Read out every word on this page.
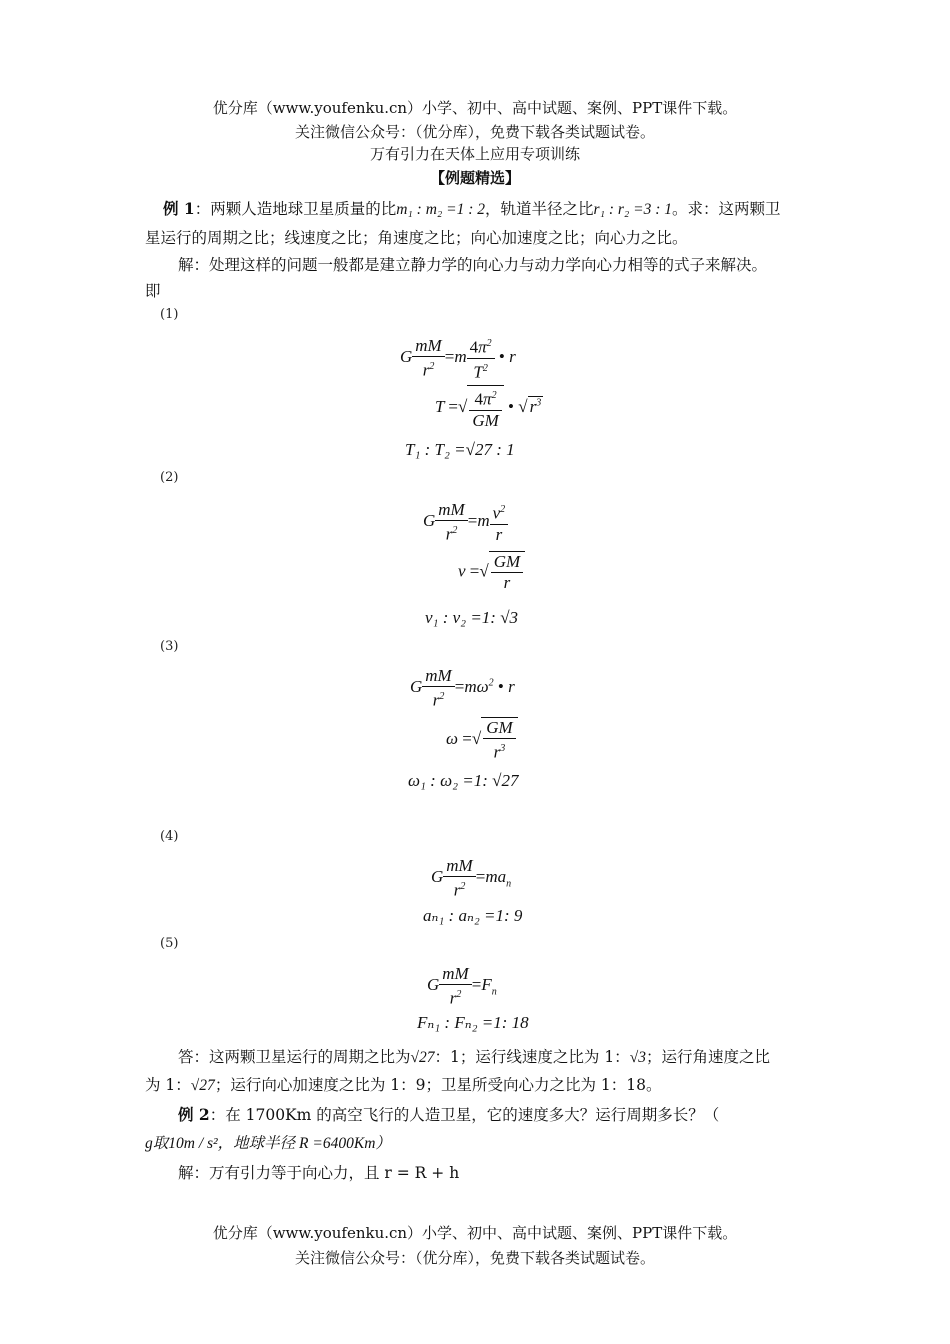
优分库（www.youfenku.cn）小学、初中、高中试题、案例、PPT课件下载。
关注微信公众号：（优分库），免费下载各类试题试卷。
万有引力在天体上应用专项训练
【例题精选】
例 1：两颗人造地球卫星质量的比m₁ : m₂ =1 : 2，轨道半径之比r₁ : r₂ =3 : 1。求：这两颗卫
星运行的周期之比；线速度之比；角速度之比；向心加速度之比；向心力之比。
解：处理这样的问题一般都是建立静力学的向心力与动力学向心力相等的式子来解决。
即
(1)
G $\frac{mM}{r^2} =m \frac{4\pi^2}{T^2}$ • r
T =√ $\frac{4\pi^2}{GM}$ • √ $r^3$
T₁ : T₂ =√27 : 1
(2)
G $\frac{mM}{r^2} =m \frac{v^2}{r}$
v =√ $\frac{GM}{r}$
v₁ : v₂ =1: √3
(3)
G $\frac{mM}{r^2} =m\omega^2$ • r
ω =√ $\frac{GM}{r^3}$
ω₁ : ω₂ =1: √27
(4)
G $\frac{mM}{r^2} =ma_n$
aₙ₁ : aₙ₂ =1: 9
(5)
G $\frac{mM}{r^2} =F_n$
Fₙ₁ : Fₙ₂ =1: 18
答：这两颗卫星运行的周期之比为√27：1；运行线速度之比为 1：√3；运行角速度之比
为 1：√27；运行向心加速度之比为 1：9；卫星所受向心力之比为 1：18。
例 2：在 1700Km 的高空飞行的人造卫星，它的速度多大？运行周期多长？（
g取10m / s²，地球半径 R =6400Km）
解：万有引力等于向心力，且 r = R + h
优分库（www.youfenku.cn）小学、初中、高中试题、案例、PPT课件下载。
关注微信公众号：（优分库），免费下载各类试题试卷。
